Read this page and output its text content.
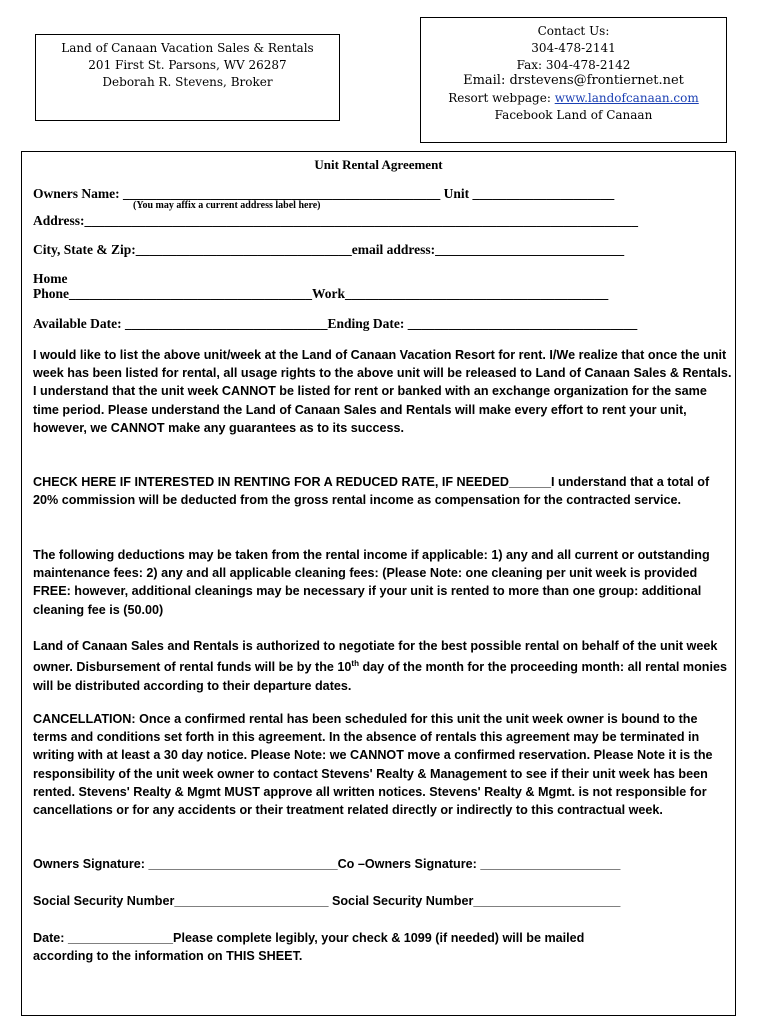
Land of Canaan Vacation Sales & Rentals
201 First St. Parsons, WV 26287
Deborah R. Stevens, Broker
Contact Us:
304-478-2141
Fax: 304-478-2142
Email: drstevens@frontiernet.net
Resort webpage: www.landofcanaan.com
Facebook Land of Canaan
Unit Rental Agreement
Owners Name: _______________________________________________ Unit _____________________
(You may affix a current address label here)
Address:__________________________________________________________________________________
City, State & Zip:________________________________email address:____________________________
Home
Phone____________________________________Work_______________________________________
Available Date: ______________________________Ending Date: __________________________________

I would like to list the above unit/week at the Land of Canaan Vacation Resort for rent. I/We realize that once the unit week has been listed for rental, all usage rights to the above unit will be released to Land of Canaan Sales & Rentals. I understand that the unit week CANNOT be listed for rent or banked with an exchange organization for the same time period. Please understand the Land of Canaan Sales and Rentals will make every effort to rent your unit, however, we CANNOT make any guarantees as to its success.

CHECK HERE IF INTERESTED IN RENTING FOR A REDUCED RATE, IF NEEDED______I understand that a total of 20% commission will be deducted from the gross rental income as compensation for the contracted service.

The following deductions may be taken from the rental income if applicable: 1) any and all current or outstanding maintenance fees: 2) any and all applicable cleaning fees: (Please Note: one cleaning per unit week is provided FREE: however, additional cleanings may be necessary if your unit is rented to more than one group: additional cleaning fee is (50.00)

Land of Canaan Sales and Rentals is authorized to negotiate for the best possible rental on behalf of the unit week owner. Disbursement of rental funds will be by the 10th day of the month for the proceeding month: all rental monies will be distributed according to their departure dates.

CANCELLATION: Once a confirmed rental has been scheduled for this unit the unit week owner is bound to the terms and conditions set forth in this agreement. In the absence of rentals this agreement may be terminated in writing with at least a 30 day notice. Please Note: we CANNOT move a confirmed reservation. Please Note it is the responsibility of the unit week owner to contact Stevens' Realty & Management to see if their unit week has been rented. Stevens' Realty & Mgmt MUST approve all written notices. Stevens' Realty & Mgmt. is not responsible for cancellations or for any accidents or their treatment related directly or indirectly to this contractual week.

Owners Signature: ___________________________Co –Owners Signature: ____________________
Social Security Number______________________ Social Security Number_____________________
Date: _______________Please complete legibly, your check & 1099 (if needed) will be mailed
according to the information on THIS SHEET.
